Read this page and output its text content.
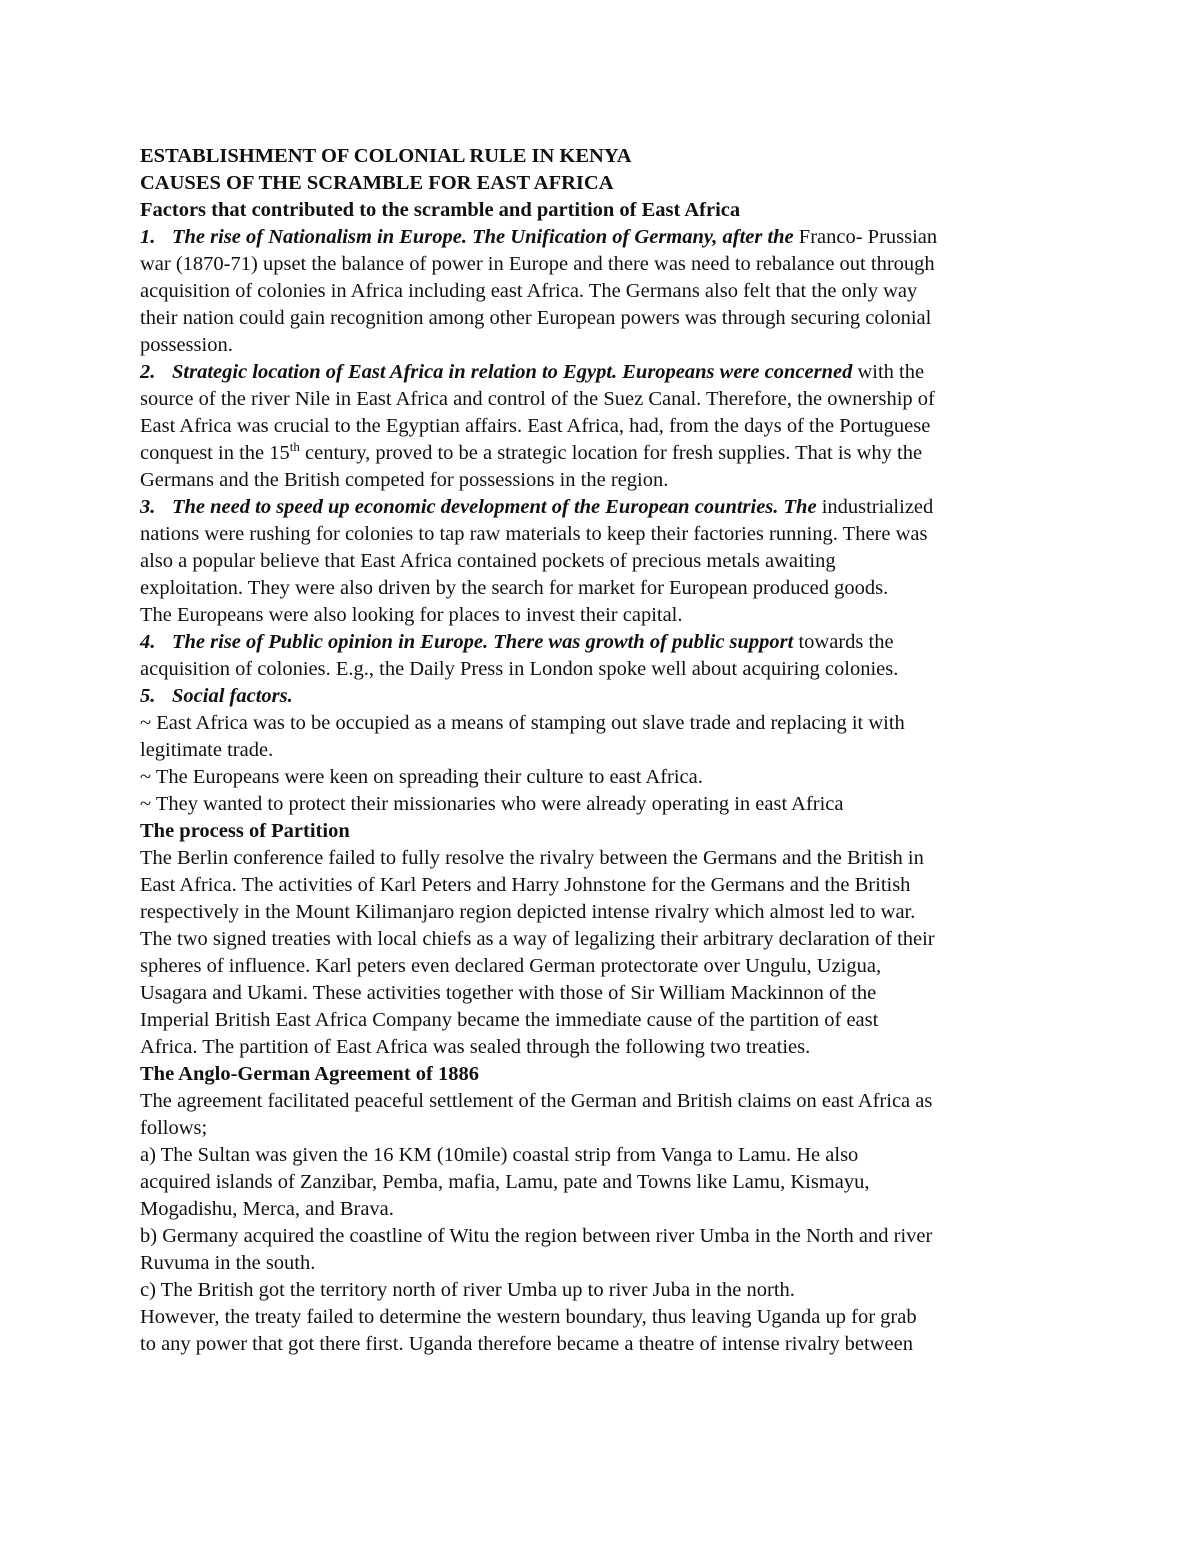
ESTABLISHMENT OF COLONIAL RULE IN KENYA
CAUSES OF THE SCRAMBLE FOR EAST AFRICA
Factors that contributed to the scramble and partition of East Africa
1. The rise of Nationalism in Europe. The Unification of Germany, after the Franco- Prussian
war (1870-71) upset the balance of power in Europe and there was need to rebalance out through
acquisition of colonies in Africa including east Africa. The Germans also felt that the only way
their nation could gain recognition among other European powers was through securing colonial
possession.
2. Strategic location of East Africa in relation to Egypt. Europeans were concerned with the
source of the river Nile in East Africa and control of the Suez Canal. Therefore, the ownership of
East Africa was crucial to the Egyptian affairs. East Africa, had, from the days of the Portuguese
conquest in the 15th century, proved to be a strategic location for fresh supplies. That is why the
Germans and the British competed for possessions in the region.
3. The need to speed up economic development of the European countries. The industrialized
nations were rushing for colonies to tap raw materials to keep their factories running. There was
also a popular believe that East Africa contained pockets of precious metals awaiting
exploitation. They were also driven by the search for market for European produced goods.
The Europeans were also looking for places to invest their capital.
4. The rise of Public opinion in Europe. There was growth of public support towards the
acquisition of colonies. E.g., the Daily Press in London spoke well about acquiring colonies.
5. Social factors.
~ East Africa was to be occupied as a means of stamping out slave trade and replacing it with
legitimate trade.
~ The Europeans were keen on spreading their culture to east Africa.
~ They wanted to protect their missionaries who were already operating in east Africa
The process of Partition
The Berlin conference failed to fully resolve the rivalry between the Germans and the British in
East Africa. The activities of Karl Peters and Harry Johnstone for the Germans and the British
respectively in the Mount Kilimanjaro region depicted intense rivalry which almost led to war.
The two signed treaties with local chiefs as a way of legalizing their arbitrary declaration of their
spheres of influence. Karl peters even declared German protectorate over Ungulu, Uzigua,
Usagara and Ukami. These activities together with those of Sir William Mackinnon of the
Imperial British East Africa Company became the immediate cause of the partition of east
Africa. The partition of East Africa was sealed through the following two treaties.
The Anglo-German Agreement of 1886
The agreement facilitated peaceful settlement of the German and British claims on east Africa as
follows;
a) The Sultan was given the 16 KM (10mile) coastal strip from Vanga to Lamu. He also
acquired islands of Zanzibar, Pemba, mafia, Lamu, pate and Towns like Lamu, Kismayu,
Mogadishu, Merca, and Brava.
b) Germany acquired the coastline of Witu the region between river Umba in the North and river
Ruvuma in the south.
c) The British got the territory north of river Umba up to river Juba in the north.
However, the treaty failed to determine the western boundary, thus leaving Uganda up for grab
to any power that got there first. Uganda therefore became a theatre of intense rivalry between
